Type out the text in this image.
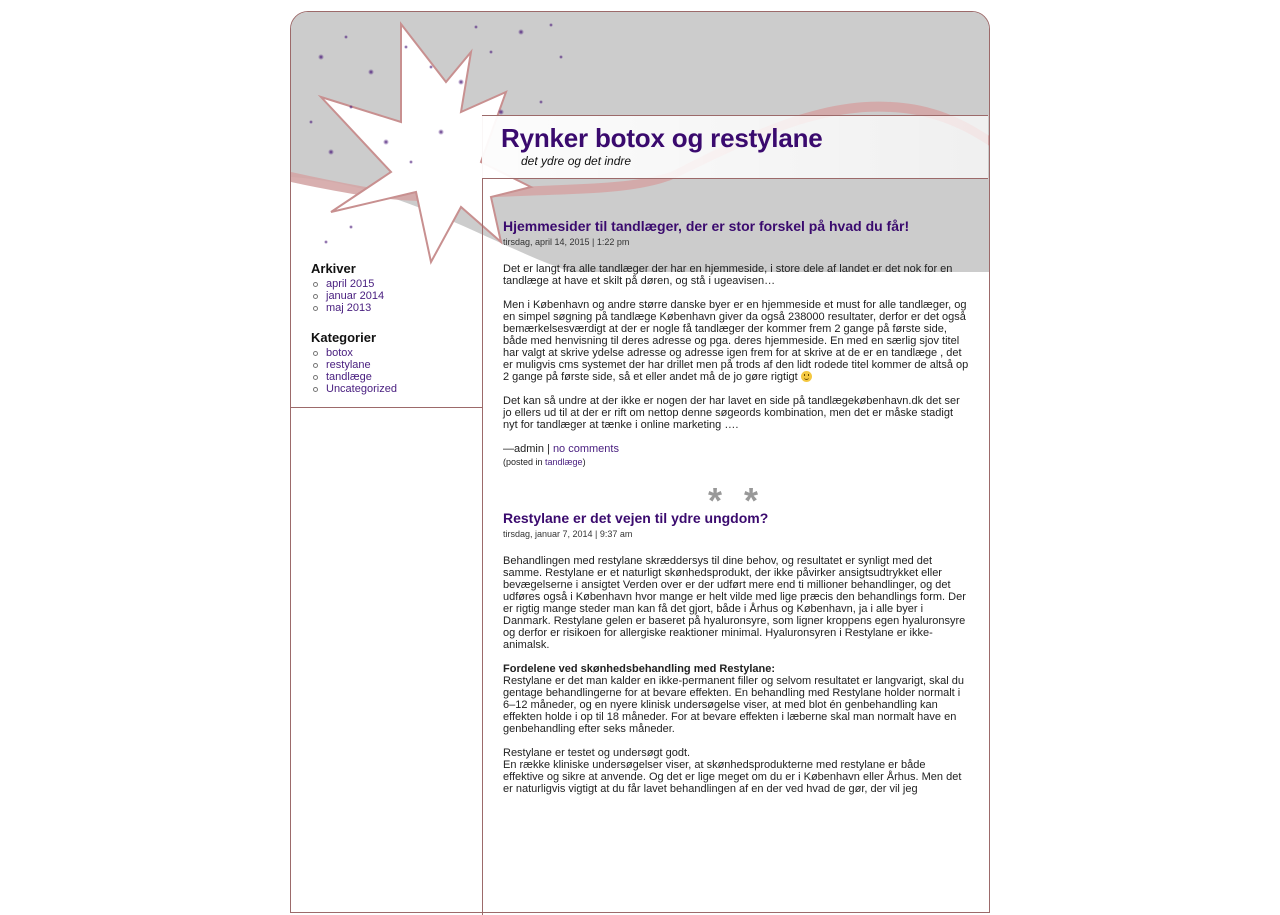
Rynker botox og restylane
det ydre og det indre
Arkiver
april 2015
januar 2014
maj 2013
Kategorier
botox
restylane
tandlæge
Uncategorized
Hjemmesider til tandlæger, der er stor forskel på hvad du får!
tirsdag, april 14, 2015 | 1:22 pm

Det er langt fra alle tandlæger der har en hjemmeside, i store dele af landet er det nok for en tandlæge at have et skilt på døren, og stå i ugeavisen…

Men i København og andre større danske byer er en hjemmeside et must for alle tandlæger, og en simpel søgning på tandlæge København giver da også 238000 resultater, derfor er det også bemærkelsesværdigt at der er nogle få tandlæger der kommer frem 2 gange på første side, både med henvisning til deres adresse og pga. deres hjemmeside. En med en særlig sjov titel har valgt at skrive ydelse adresse og adresse igen frem for at skrive at de er en tandlæge , det er muligvis cms systemet der har drillet men på trods af den lidt rodede titel kommer de altså op 2 gange på første side, så et eller andet må de jo gøre rigtigt

Det kan så undre at der ikke er nogen der har lavet en side på tandlægekøbenhavn.dk det ser jo ellers ud til at der er rift om nettop denne søgeords kombination, men det er måske stadigt nyt for tandlæger at tænke i online marketing ….

—admin | no comments
(posted in tandlæge)
* *
Restylane er det vejen til ydre ungdom?
tirsdag, januar 7, 2014 | 9:37 am

Behandlingen med restylane skræddersys til dine behov, og resultatet er synligt med det samme. Restylane er et naturligt skønhedsprodukt, der ikke påvirker ansigtsudtrykket eller bevægelserne i ansigtet Verden over er der udført mere end ti millioner behandlinger, og det udføres også i København hvor mange er helt vilde med lige præcis den behandlings form. Der er rigtig mange steder man kan få det gjort, både i Århus og København, ja i alle byer i Danmark. Restylane gelen er baseret på hyaluronsyre, som ligner kroppens egen hyaluronsyre og derfor er risikoen for allergiske reaktioner minimal. Hyaluronsyren i Restylane er ikke-animalsk.

Fordelene ved skønhedsbehandling med Restylane:
Restylane er det man kalder en ikke-permanent filler og selvom resultatet er langvarigt, skal du gentage behandlingerne for at bevare effekten. En behandling med Restylane holder normalt i 6–12 måneder, og en nyere klinisk undersøgelse viser, at med blot én genbehandling kan effekten holde i op til 18 måneder. For at bevare effekten i læberne skal man normalt have en genbehandling efter seks måneder.

Restylane er testet og undersøgt godt.
En række kliniske undersøgelser viser, at skønhedsprodukterne med restylane er både effektive og sikre at anvende. Og det er lige meget om du er i København eller Århus. Men det er naturligvis vigtigt at du får lavet behandlingen af en der ved hvad de gør, der vil jeg
